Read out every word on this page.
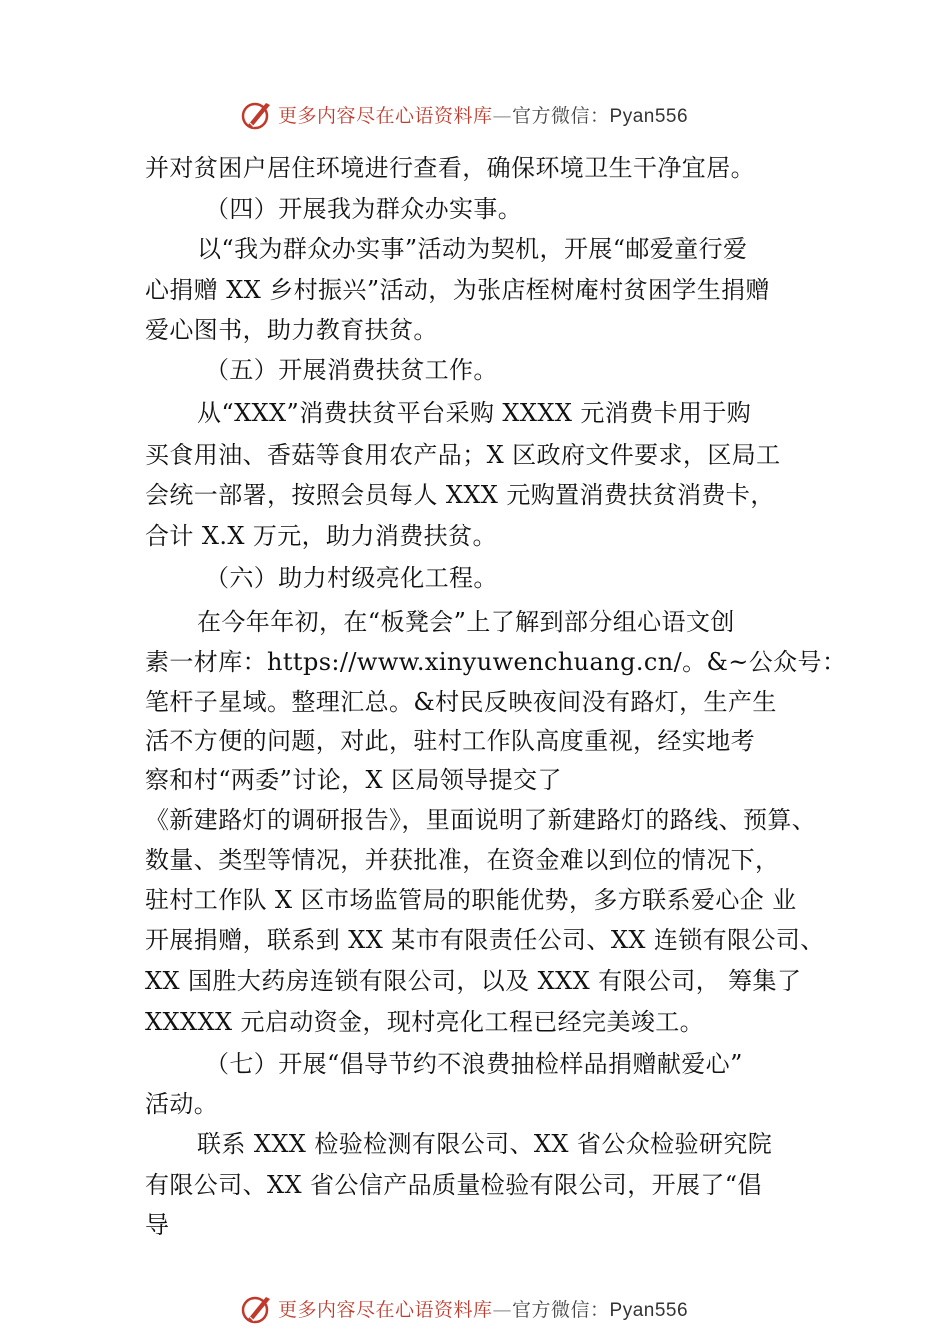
更多内容尽在心语资料库—官方微信：Pyan556
并对贫困户居住环境进行查看，确保环境卫生干净宜居。
（四）开展我为群众办实事。
以“我为群众办实事”活动为契机，开展“邮爱童行爱
心捐赠 XX 乡村振兴”活动，为张店桎树庵村贫困学生捐赠
爱心图书，助力教育扶贫。
（五）开展消费扶贫工作。
从“XXX”消费扶贫平台采购 XXXX 元消费卡用于购
买食用油、香菇等食用农产品；X 区政府文件要求，区局工
会统一部署，按照会员每人 XXX 元购置消费扶贫消费卡，
合计 X.X 万元，助力消费扶贫。
（六）助力村级亮化工程。
在今年年初，在“板凳会”上了解到部分组心语文创
素一材库：https://www.xinyuwenchuang.cn/。&~公众号：
笔杆子星域。整理汇总。&村民反映夜间没有路灯，生产生
活不方便的问题，对此，驻村工作队高度重视，经实地考
察和村“两委”讨论，X 区局领导提交了
《新建路灯的调研报告》，里面说明了新建路灯的路线、预算、
数量、类型等情况，并获批准，在资金难以到位的情况下，
驻村工作队 X 区市场监管局的职能优势，多方联系爱心企 业
开展捐赠，联系到 XX 某市有限责任公司、XX 连锁有限公司、
XX 国胜大药房连锁有限公司，以及 XXX 有限公司， 筹集了
XXXXX 元启动资金，现村亮化工程已经完美竣工。
（七）开展“倡导节约不浪费抽检样品捐赠献爱心”
活动。
联系 XXX 检验检测有限公司、XX 省公众检验研究院
有限公司、XX 省公信产品质量检验有限公司，开展了“倡
导
更多内容尽在心语资料库—官方微信：Pyan556
